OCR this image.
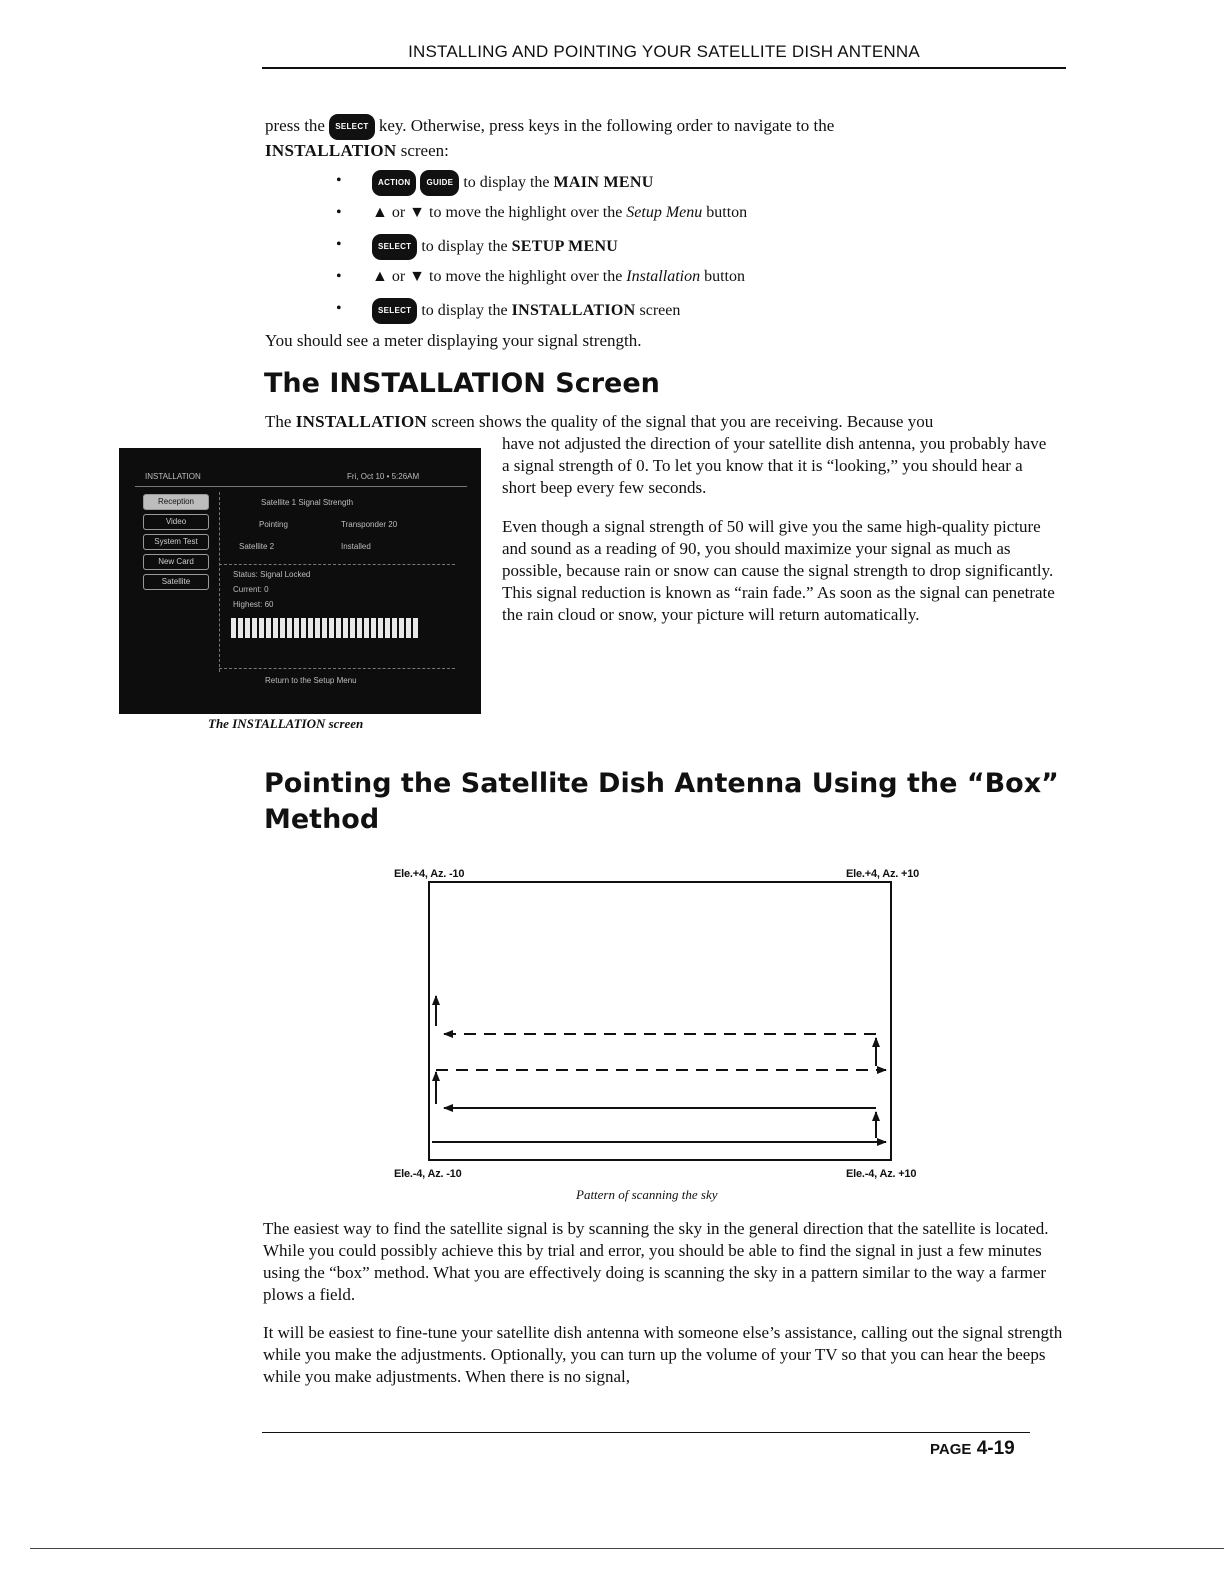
INSTALLING AND POINTING YOUR SATELLITE DISH ANTENNA
press the SELECT key. Otherwise, press keys in the following order to navigate to the
INSTALLATION screen:
• ACTION GUIDE to display the MAIN MENU
• ▲ or ▼ to move the highlight over the Setup Menu button
• SELECT to display the SETUP MENU
• ▲ or ▼ to move the highlight over the Installation button
• SELECT to display the INSTALLATION screen
You should see a meter displaying your signal strength.
The INSTALLATION Screen
The INSTALLATION screen shows the quality of the signal that you are receiving. Because you
have not adjusted the direction of your satellite dish antenna, you probably have a signal strength of 0. To let you know that it is “looking,” you should hear a short beep every few seconds.
Even though a signal strength of 50 will give you the same high-quality picture and sound as a reading of 90, you should maximize your signal as much as possible, because rain or snow can cause the signal strength to drop significantly. This signal reduction is known as “rain fade.” As soon as the signal can penetrate the rain cloud or snow, your picture will return automatically.
INSTALLATION	Fri, Oct 10 • 5:26AM
Reception
Video
System Test
New Card
Satellite
Satellite 1 Signal Strength
Pointing	Transponder 20
Satellite 2	Installed
Status: Signal Locked
Current: 0
Highest: 60
Return to the Setup Menu
The INSTALLATION screen
Pointing the Satellite Dish Antenna Using the “Box”
Method
Ele.+4, Az. -10	Ele.+4, Az. +10
Ele.-4, Az. -10	Ele.-4, Az. +10
Pattern of scanning the sky
The easiest way to find the satellite signal is by scanning the sky in the general direction that the satellite is located. While you could possibly achieve this by trial and error, you should be able to find the signal in just a few minutes using the “box” method. What you are effectively doing is scanning the sky in a pattern similar to the way a farmer plows a field.
It will be easiest to fine-tune your satellite dish antenna with someone else’s assistance, calling out the signal strength while you make the adjustments. Optionally, you can turn up the volume of your TV so that you can hear the beeps while you make adjustments. When there is no signal,
PAGE 4-19
